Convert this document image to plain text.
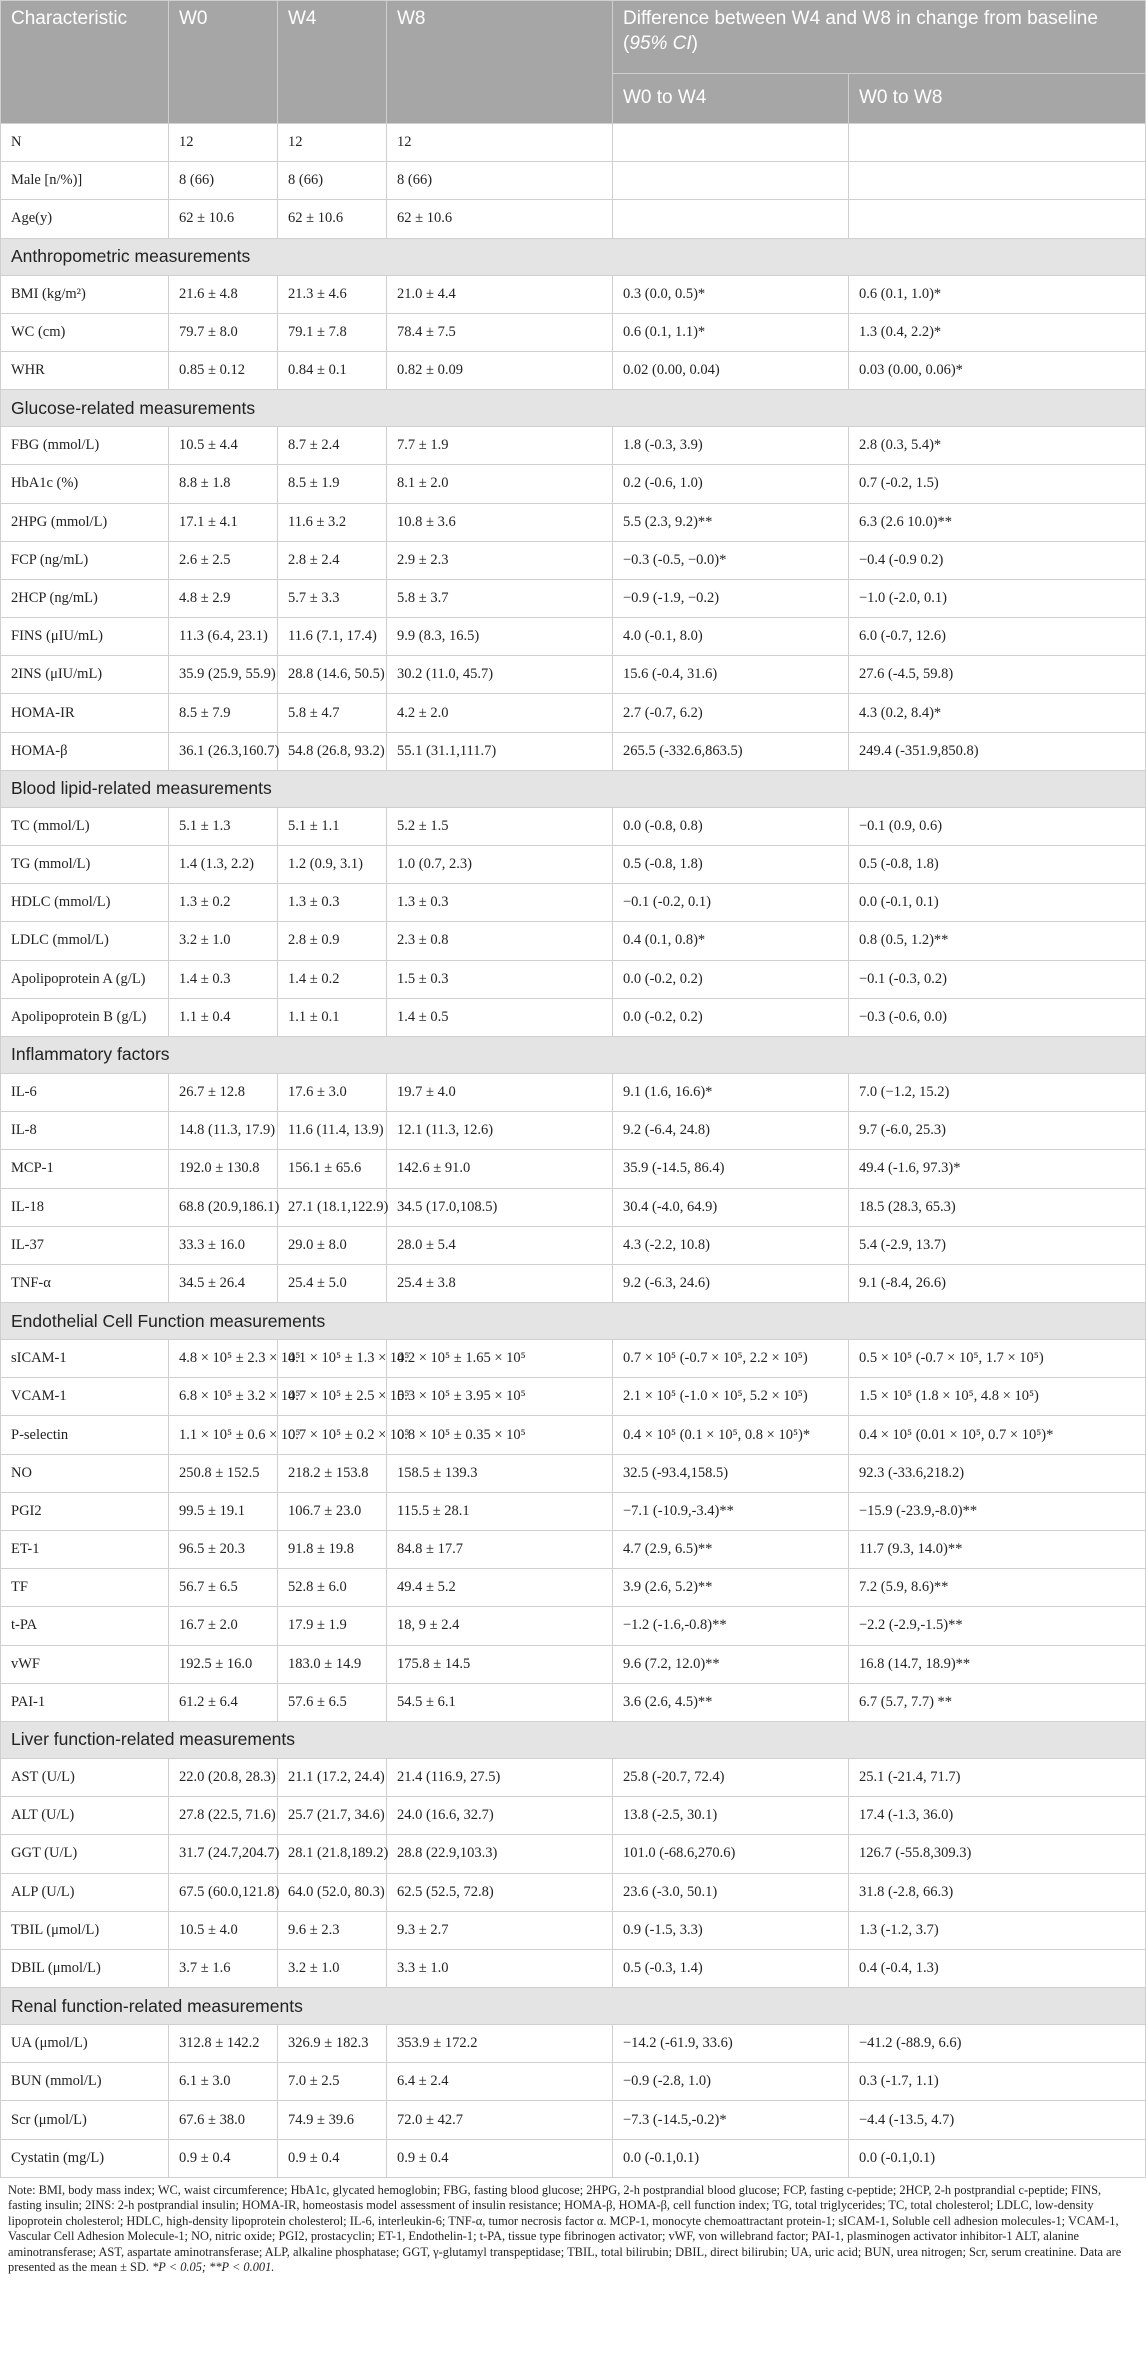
Characteristic	W0	W4	W8	Difference between W4 and W8 in change from baseline (95% CI)	
				W0 to W4	W0 to W8
N	12	12	12		
Male [n/%)]	8 (66)	8 (66)	8 (66)		
Age(y)	62 ± 10.6	62 ± 10.6	62 ± 10.6		
Anthropometric measurements					
BMI (kg/m²)	21.6 ± 4.8	21.3 ± 4.6	21.0 ± 4.4	0.3 (0.0, 0.5)*	0.6 (0.1, 1.0)*
WC (cm)	79.7 ± 8.0	79.1 ± 7.8	78.4 ± 7.5	0.6 (0.1, 1.1)*	1.3 (0.4, 2.2)*
WHR	0.85 ± 0.12	0.84 ± 0.1	0.82 ± 0.09	0.02 (0.00, 0.04)	0.03 (0.00, 0.06)*
Glucose-related measurements					
FBG (mmol/L)	10.5 ± 4.4	8.7 ± 2.4	7.7 ± 1.9	1.8 (-0.3, 3.9)	2.8 (0.3, 5.4)*
HbA1c (%)	8.8 ± 1.8	8.5 ± 1.9	8.1 ± 2.0	0.2 (-0.6, 1.0)	0.7 (-0.2, 1.5)
2HPG (mmol/L)	17.1 ± 4.1	11.6 ± 3.2	10.8 ± 3.6	5.5 (2.3, 9.2)**	6.3 (2.6 10.0)**
FCP (ng/mL)	2.6 ± 2.5	2.8 ± 2.4	2.9 ± 2.3	−0.3 (-0.5, −0.0)*	−0.4 (-0.9 0.2)
2HCP (ng/mL)	4.8 ± 2.9	5.7 ± 3.3	5.8 ± 3.7	−0.9 (-1.9, −0.2)	−1.0 (-2.0, 0.1)
FINS (μIU/mL)	11.3 (6.4, 23.1)	11.6 (7.1, 17.4)	9.9 (8.3, 16.5)	4.0 (-0.1, 8.0)	6.0 (-0.7, 12.6)
2INS (μIU/mL)	35.9 (25.9, 55.9)	28.8 (14.6, 50.5)	30.2 (11.0, 45.7)	15.6 (-0.4, 31.6)	27.6 (-4.5, 59.8)
HOMA-IR	8.5 ± 7.9	5.8 ± 4.7	4.2 ± 2.0	2.7 (-0.7, 6.2)	4.3 (0.2, 8.4)*
HOMA-β	36.1 (26.3,160.7)	54.8 (26.8, 93.2)	55.1 (31.1,111.7)	265.5 (-332.6,863.5)	249.4 (-351.9,850.8)
Blood lipid-related measurements					
TC (mmol/L)	5.1 ± 1.3	5.1 ± 1.1	5.2 ± 1.5	0.0 (-0.8, 0.8)	−0.1 (0.9, 0.6)
TG (mmol/L)	1.4 (1.3, 2.2)	1.2 (0.9, 3.1)	1.0 (0.7, 2.3)	0.5 (-0.8, 1.8)	0.5 (-0.8, 1.8)
HDLC (mmol/L)	1.3 ± 0.2	1.3 ± 0.3	1.3 ± 0.3	−0.1 (-0.2, 0.1)	0.0 (-0.1, 0.1)
LDLC (mmol/L)	3.2 ± 1.0	2.8 ± 0.9	2.3 ± 0.8	0.4 (0.1, 0.8)*	0.8 (0.5, 1.2)**
Apolipoprotein A (g/L)	1.4 ± 0.3	1.4 ± 0.2	1.5 ± 0.3	0.0 (-0.2, 0.2)	−0.1 (-0.3, 0.2)
Apolipoprotein B (g/L)	1.1 ± 0.4	1.1 ± 0.1	1.4 ± 0.5	0.0 (-0.2, 0.2)	−0.3 (-0.6, 0.0)
Inflammatory factors					
IL-6	26.7 ± 12.8	17.6 ± 3.0	19.7 ± 4.0	9.1 (1.6, 16.6)*	7.0 (−1.2, 15.2)
IL-8	14.8 (11.3, 17.9)	11.6 (11.4, 13.9)	12.1 (11.3, 12.6)	9.2 (-6.4, 24.8)	9.7 (-6.0, 25.3)
MCP-1	192.0 ± 130.8	156.1 ± 65.6	142.6 ± 91.0	35.9 (-14.5, 86.4)	49.4 (-1.6, 97.3)*
IL-18	68.8 (20.9,186.1)	27.1 (18.1,122.9)	34.5 (17.0,108.5)	30.4 (-4.0, 64.9)	18.5 (28.3, 65.3)
IL-37	33.3 ± 16.0	29.0 ± 8.0	28.0 ± 5.4	4.3 (-2.2, 10.8)	5.4 (-2.9, 13.7)
TNF-α	34.5 ± 26.4	25.4 ± 5.0	25.4 ± 3.8	9.2 (-6.3, 24.6)	9.1 (-8.4, 26.6)
Endothelial Cell Function measurements					
sICAM-1	4.8 × 10⁵ ± 2.3 × 10⁵	4.1 × 10⁵ ± 1.3 × 10⁵	4.2 × 10⁵ ± 1.65 × 10⁵	0.7 × 10⁵ (-0.7 × 10⁵, 2.2 × 10⁵)	0.5 × 10⁵ (-0.7 × 10⁵, 1.7 × 10⁵)
VCAM-1	6.8 × 10⁵ ± 3.2 × 10⁵	4.7 × 10⁵ ± 2.5 × 10⁵	5.3 × 10⁵ ± 3.95 × 10⁵	2.1 × 10⁵ (-1.0 × 10⁵, 5.2 × 10⁵)	1.5 × 10⁵ (1.8 × 10⁵, 4.8 × 10⁵)
P-selectin	1.1 × 10⁵ ± 0.6 × 10⁵	0.7 × 10⁵ ± 0.2 × 10⁵	0.8 × 10⁵ ± 0.35 × 10⁵	0.4 × 10⁵ (0.1 × 10⁵, 0.8 × 10⁵)*	0.4 × 10⁵ (0.01 × 10⁵, 0.7 × 10⁵)*
NO	250.8 ± 152.5	218.2 ± 153.8	158.5 ± 139.3	32.5 (-93.4,158.5)	92.3 (-33.6,218.2)
PGI2	99.5 ± 19.1	106.7 ± 23.0	115.5 ± 28.1	−7.1 (-10.9,-3.4)**	−15.9 (-23.9,-8.0)**
ET-1	96.5 ± 20.3	91.8 ± 19.8	84.8 ± 17.7	4.7 (2.9, 6.5)**	11.7 (9.3, 14.0)**
TF	56.7 ± 6.5	52.8 ± 6.0	49.4 ± 5.2	3.9 (2.6, 5.2)**	7.2 (5.9, 8.6)**
t-PA	16.7 ± 2.0	17.9 ± 1.9	18, 9 ± 2.4	−1.2 (-1.6,-0.8)**	−2.2 (-2.9,-1.5)**
vWF	192.5 ± 16.0	183.0 ± 14.9	175.8 ± 14.5	9.6 (7.2, 12.0)**	16.8 (14.7, 18.9)**
PAI-1	61.2 ± 6.4	57.6 ± 6.5	54.5 ± 6.1	3.6 (2.6, 4.5)**	6.7 (5.7, 7.7) **
Liver function-related measurements					
AST (U/L)	22.0 (20.8, 28.3)	21.1 (17.2, 24.4)	21.4 (116.9, 27.5)	25.8 (-20.7, 72.4)	25.1 (-21.4, 71.7)
ALT (U/L)	27.8 (22.5, 71.6)	25.7 (21.7, 34.6)	24.0 (16.6, 32.7)	13.8 (-2.5, 30.1)	17.4 (-1.3, 36.0)
GGT (U/L)	31.7 (24.7,204.7)	28.1 (21.8,189.2)	28.8 (22.9,103.3)	101.0 (-68.6,270.6)	126.7 (-55.8,309.3)
ALP (U/L)	67.5 (60.0,121.8)	64.0 (52.0, 80.3)	62.5 (52.5, 72.8)	23.6 (-3.0, 50.1)	31.8 (-2.8, 66.3)
TBIL (μmol/L)	10.5 ± 4.0	9.6 ± 2.3	9.3 ± 2.7	0.9 (-1.5, 3.3)	1.3 (-1.2, 3.7)
DBIL (μmol/L)	3.7 ± 1.6	3.2 ± 1.0	3.3 ± 1.0	0.5 (-0.3, 1.4)	0.4 (-0.4, 1.3)
Renal function-related measurements					
UA (μmol/L)	312.8 ± 142.2	326.9 ± 182.3	353.9 ± 172.2	−14.2 (-61.9, 33.6)	−41.2 (-88.9, 6.6)
BUN (mmol/L)	6.1 ± 3.0	7.0 ± 2.5	6.4 ± 2.4	−0.9 (-2.8, 1.0)	0.3 (-1.7, 1.1)
Scr (μmol/L)	67.6 ± 38.0	74.9 ± 39.6	72.0 ± 42.7	−7.3 (-14.5,-0.2)*	−4.4 (-13.5, 4.7)
Cystatin (mg/L)	0.9 ± 0.4	0.9 ± 0.4	0.9 ± 0.4	0.0 (-0.1,0.1)	0.0 (-0.1,0.1)
Note: BMI, body mass index; WC, waist circumference; HbA1c, glycated hemoglobin; FBG, fasting blood glucose; 2HPG, 2-h postprandial blood glucose; FCP, fasting c-peptide; 2HCP, 2-h postprandial c-peptide; FINS, fasting insulin; 2INS: 2-h postprandial insulin; HOMA-IR, homeostasis model assessment of insulin resistance; HOMA-β, HOMA-β, cell function index; TG, total triglycerides; TC, total cholesterol; LDLC, low-density lipoprotein cholesterol; HDLC, high-density lipoprotein cholesterol; IL-6, interleukin-6; TNF-α, tumor necrosis factor α. MCP-1, monocyte chemoattractant protein-1; sICAM-1, Soluble cell adhesion molecules-1; VCAM-1, Vascular Cell Adhesion Molecule-1; NO, nitric oxide; PGI2, prostacyclin; ET-1, Endothelin-1; t-PA, tissue type fibrinogen activator; vWF, von willebrand factor; PAI-1, plasminogen activator inhibitor-1 ALT, alanine aminotransferase; AST, aspartate aminotransferase; ALP, alkaline phosphatase; GGT, γ-glutamyl transpeptidase; TBIL, total bilirubin; DBIL, direct bilirubin; UA, uric acid; BUN, urea nitrogen; Scr, serum creatinine. Data are presented as the mean ± SD. *P < 0.05; **P < 0.001.
